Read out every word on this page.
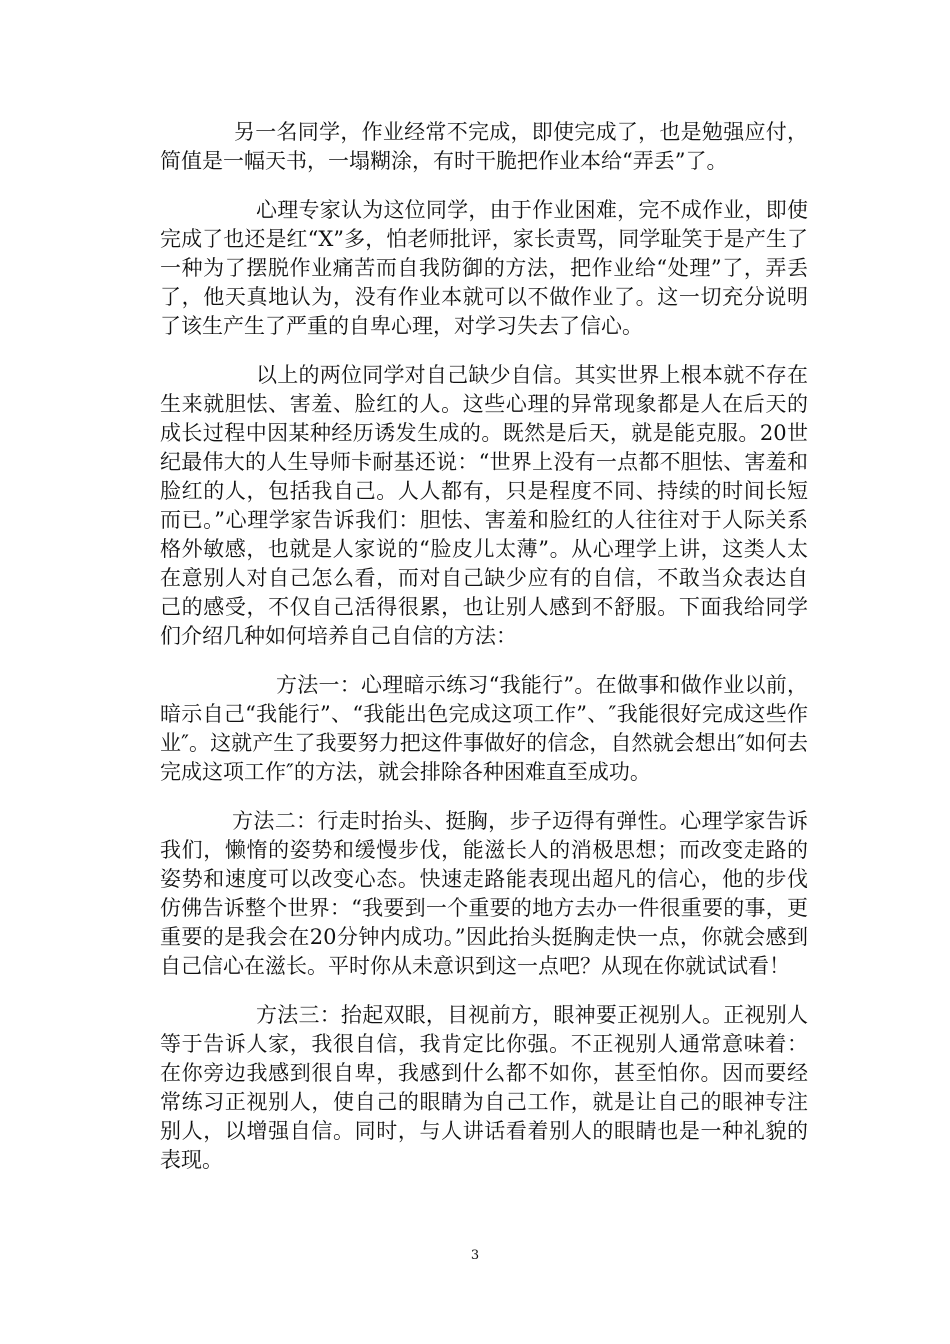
另一名同学，作业经常不完成，即使完成了，也是勉强应付，简值是一幅天书，一塌糊涂，有时干脆把作业本给“弄丢”了。

心理专家认为这位同学，由于作业困难，完不成作业，即使完成了也还是红“X”多，怕老师批评，家长责骂，同学耻笑于是产生了一种为了摆脱作业痛苦而自我防御的方法，把作业给“处理”了，弄丢了，他天真地认为，没有作业本就可以不做作业了。这一切充分说明了该生产生了严重的自卑心理，对学习失去了信心。

以上的两位同学对自己缺少自信。其实世界上根本就不存在生来就胆怯、害羞、脸红的人。这些心理的异常现象都是人在后天的成长过程中因某种经历诱发生成的。既然是后天，就是能克服。20世纪最伟大的人生导师卡耐基还说：“世界上没有一点都不胆怯、害羞和脸红的人，包括我自己。人人都有，只是程度不同、持续的时间长短而已。”心理学家告诉我们：胆怯、害羞和脸红的人往往对于人际关系格外敏感，也就是人家说的“脸皮儿太薄”。从心理学上讲，这类人太在意别人对自己怎么看，而对自己缺少应有的自信，不敢当众表达自己的感受，不仅自己活得很累，也让别人感到不舒服。下面我给同学们介绍几种如何培养自己自信的方法：

方法一：心理暗示练习“我能行”。在做事和做作业以前，暗示自己“我能行”、“我能出色完成这项工作”、″我能很好完成这些作业″。这就产生了我要努力把这件事做好的信念，自然就会想出″如何去完成这项工作″的方法，就会排除各种困难直至成功。

方法二：行走时抬头、挺胸，步子迈得有弹性。心理学家告诉我们，懒惰的姿势和缓慢步伐，能滋长人的消极思想；而改变走路的姿势和速度可以改变心态。快速走路能表现出超凡的信心，他的步伐仿佛告诉整个世界：“我要到一个重要的地方去办一件很重要的事，更重要的是我会在20分钟内成功。”因此抬头挺胸走快一点，你就会感到自己信心在滋长。平时你从未意识到这一点吧？从现在你就试试看！

方法三：抬起双眼，目视前方，眼神要正视别人。正视别人等于告诉人家，我很自信，我肯定比你强。不正视别人通常意味着：在你旁边我感到很自卑，我感到什么都不如你，甚至怕你。因而要经常练习正视别人，使自己的眼睛为自己工作，就是让自己的眼神专注别人，以增强自信。同时，与人讲话看着别人的眼睛也是一种礼貌的表现。

3
